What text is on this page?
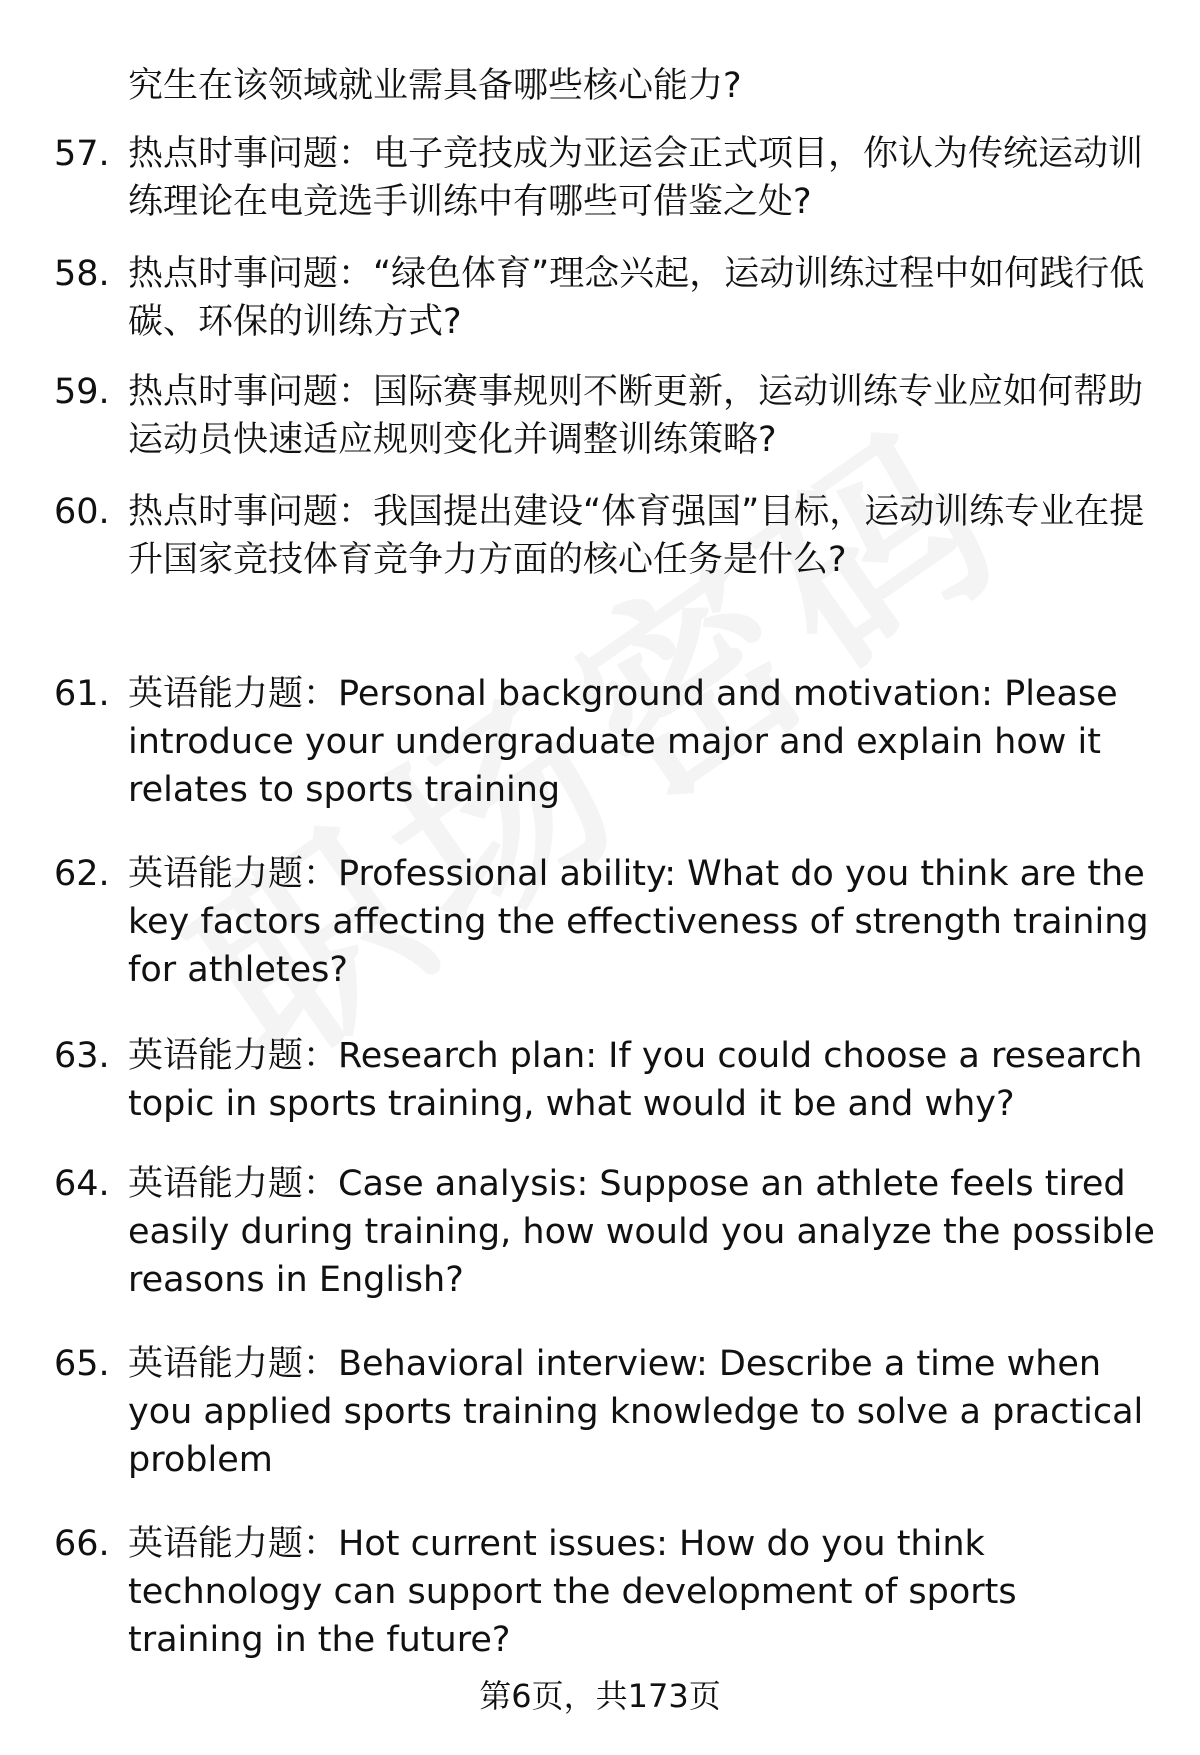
究生在该领域就业需具备哪些核心能力?
57. 热点时事问题：电子竞技成为亚运会正式项目，你认为传统运动训练理论在电竞选手训练中有哪些可借鉴之处?
58. 热点时事问题：“绿色体育”理念兴起，运动训练过程中如何践行低碳、环保的训练方式?
59. 热点时事问题：国际赛事规则不断更新，运动训练专业应如何帮助运动员快速适应规则变化并调整训练策略?
60. 热点时事问题：我国提出建设“体育强国”目标，运动训练专业在提升国家竞技体育竞争力方面的核心任务是什么?
61. 英语能力题：Personal background and motivation: Please introduce your undergraduate major and explain how it relates to sports training
62. 英语能力题：Professional ability: What do you think are the key factors affecting the effectiveness of strength training for athletes?
63. 英语能力题：Research plan: If you could choose a research topic in sports training, what would it be and why?
64. 英语能力题：Case analysis: Suppose an athlete feels tired easily during training, how would you analyze the possible reasons in English?
65. 英语能力题：Behavioral interview: Describe a time when you applied sports training knowledge to solve a practical problem
66. 英语能力题：Hot current issues: How do you think technology can support the development of sports training in the future?
第6页，共173页
